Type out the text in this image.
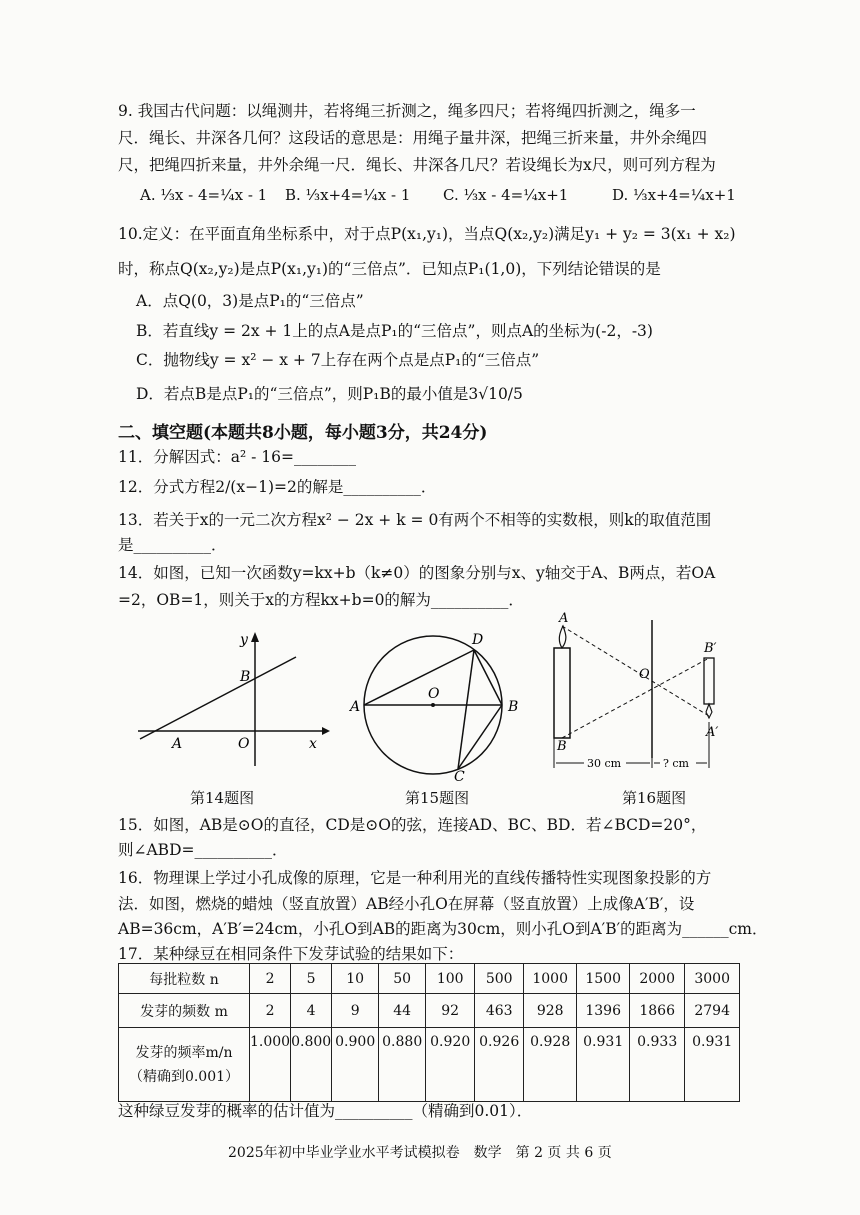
9. 我国古代问题：以绳测井，若将绳三折测之，绳多四尺；若将绳四折测之，绳多一
尺．绳长、井深各几何？这段话的意思是：用绳子量井深，把绳三折来量，井外余绳四
尺，把绳四折来量，井外余绳一尺．绳长、井深各几尺？若设绳长为x尺，则可列方程为
A. ⅓x - 4=¼x - 1 B. ⅓x+4=¼x - 1 C. ⅓x - 4=¼x+1	D. ⅓x+4=¼x+1
10.定义：在平面直角坐标系中，对于点P(x₁,y₁)，当点Q(x₂,y₂)满足y₁ + y₂ = 3(x₁ + x₂)
时，称点Q(x₂,y₂)是点P(x₁,y₁)的“三倍点”．已知点P₁(1,0)，下列结论错误的是
A．点Q(0，3)是点P₁的“三倍点”
B．若直线y = 2x + 1上的点A是点P₁的“三倍点”，则点A的坐标为(-2，-3)
C．抛物线y = x² − x + 7上存在两个点是点P₁的“三倍点”
D．若点B是点P₁的“三倍点”，则P₁B的最小值是3√10/5
二、填空题(本题共8小题，每小题3分，共24分)
11．分解因式：a² - 16=________
12．分式方程2/(x−1)=2的解是__________．
13．若关于x的一元二次方程x² − 2x + k = 0有两个不相等的实数根，则k的取值范围
是__________．
14．如图，已知一次函数y=kx+b（k≠0）的图象分别与x、y轴交于A、B两点，若OA
=2，OB=1，则关于x的方程kx+b=0的解为__________．
y
B
A	O	x
D
O
A	B
C
A
B
O
B′
A′
30 cm	? cm
第14题图	第15题图	第16题图
15．如图，AB是⊙O的直径，CD是⊙O的弦，连接AD、BC、BD．若∠BCD=20°，
则∠ABD=__________．
16．物理课上学过小孔成像的原理，它是一种利用光的直线传播特性实现图象投影的方
法．如图，燃烧的蜡烛（竖直放置）AB经小孔O在屏幕（竖直放置）上成像A′B′，设
AB=36cm，A′B′=24cm，小孔O到AB的距离为30cm，则小孔O到A′B′的距离为______cm．
17．某种绿豆在相同条件下发芽试验的结果如下：
每批粒数 n	2	5	10	50	100	500	1000	1500	2000	3000
发芽的频数 m	2	4	9	44	92	463	928	1396	1866	2794

发芽的频率m/n
（精确到0.001）	1.000	0.800	0.900	0.880	0.920	0.926	0.928	0.931	0.933	0.931
这种绿豆发芽的概率的估计值为__________（精确到0.01）．
2025年初中毕业学业水平考试模拟卷　数学　第 2 页 共 6 页
